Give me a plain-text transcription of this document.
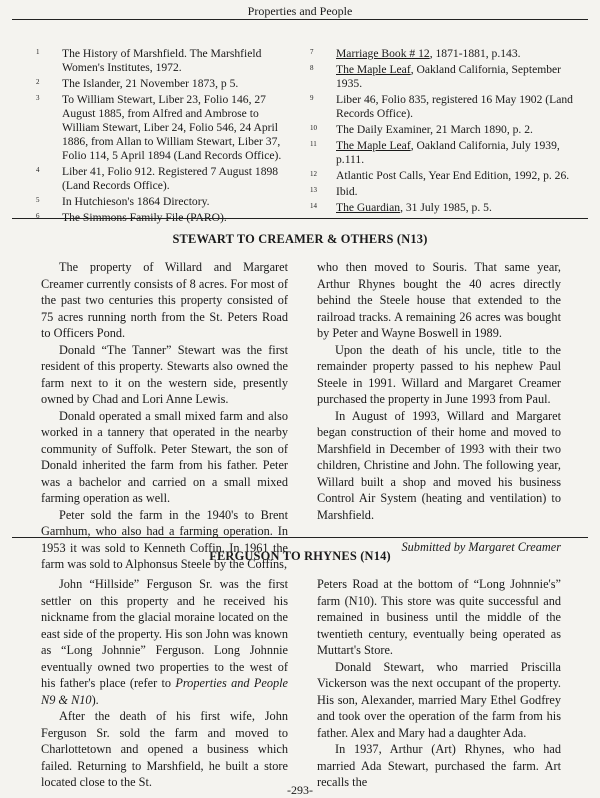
Properties and People
1	The History of Marshfield. The Marshfield Women's Institutes, 1972.
2	The Islander, 21 November 1873, p 5.
3	To William Stewart, Liber 23, Folio 146, 27 August 1885, from Alfred and Ambrose to William Stewart, Liber 24, Folio 546, 24 April 1886, from Allan to William Stewart, Liber 37, Folio 114, 5 April 1894 (Land Records Office).
4	Liber 41, Folio 912. Registered 7 August 1898 (Land Records Office).
5	In Hutchieson's 1864 Directory.
6	The Simmons Family File (PARO).
7	Marriage Book # 12, 1871-1881, p.143.
8	The Maple Leaf, Oakland California, September 1935.
9	Liber 46, Folio 835, registered 16 May 1902 (Land Records Office).
10	The Daily Examiner, 21 March 1890, p. 2.
11	The Maple Leaf, Oakland California, July 1939, p.111.
12	Atlantic Post Calls, Year End Edition, 1992, p. 26.
13	Ibid.
14	The Guardian, 31 July 1985, p. 5.
STEWART TO CREAMER & OTHERS (N13)

The property of Willard and Margaret Creamer currently consists of 8 acres. For most of the past two centuries this property consisted of 75 acres running north from the St. Peters Road to Officers Pond.

Donald “The Tanner” Stewart was the first resident of this property. Stewarts also owned the farm next to it on the western side, presently owned by Chad and Lori Anne Lewis.

Donald operated a small mixed farm and also worked in a tannery that operated in the nearby community of Suffolk. Peter Stewart, the son of Donald inherited the farm from his father. Peter was a bachelor and carried on a small mixed farming operation as well.

Peter sold the farm in the 1940's to Brent Garnhum, who also had a farming operation. In 1953 it was sold to Kenneth Coffin. In 1961 the farm was sold to Alphonsus Steele by the Coffins,

who then moved to Souris. That same year, Arthur Rhynes bought the 40 acres directly behind the Steele house that extended to the railroad tracks. A remaining 26 acres was bought by Peter and Wayne Boswell in 1989.

Upon the death of his uncle, title to the remainder property passed to his nephew Paul Steele in 1991. Willard and Margaret Creamer purchased the property in June 1993 from Paul.

In August of 1993, Willard and Margaret began construction of their home and moved to Marshfield in December of 1993 with their two children, Christine and John. The following year, Willard built a shop and moved his business Control Air System (heating and ventilation) to Marshfield.

Submitted by Margaret Creamer

FERGUSON TO RHYNES (N14)

John “Hillside” Ferguson Sr. was the first settler on this property and he received his nickname from the glacial moraine located on the east side of the property. His son John was known as “Long Johnnie” Ferguson. Long Johnnie eventually owned two properties to the west of his father's place (refer to Properties and People N9 & N10).

After the death of his first wife, John Ferguson Sr. sold the farm and moved to Charlottetown and opened a business which failed. Returning to Marshfield, he built a store located close to the St.

Peters Road at the bottom of “Long Johnnie's” farm (N10). This store was quite successful and remained in business until the middle of the twentieth century, eventually being operated as Muttart's Store.

Donald Stewart, who married Priscilla Vickerson was the next occupant of the property. His son, Alexander, married Mary Ethel Godfrey and took over the operation of the farm from his father. Alex and Mary had a daughter Ada.

In 1937, Arthur (Art) Rhynes, who had married Ada Stewart, purchased the farm. Art recalls the

-293-
